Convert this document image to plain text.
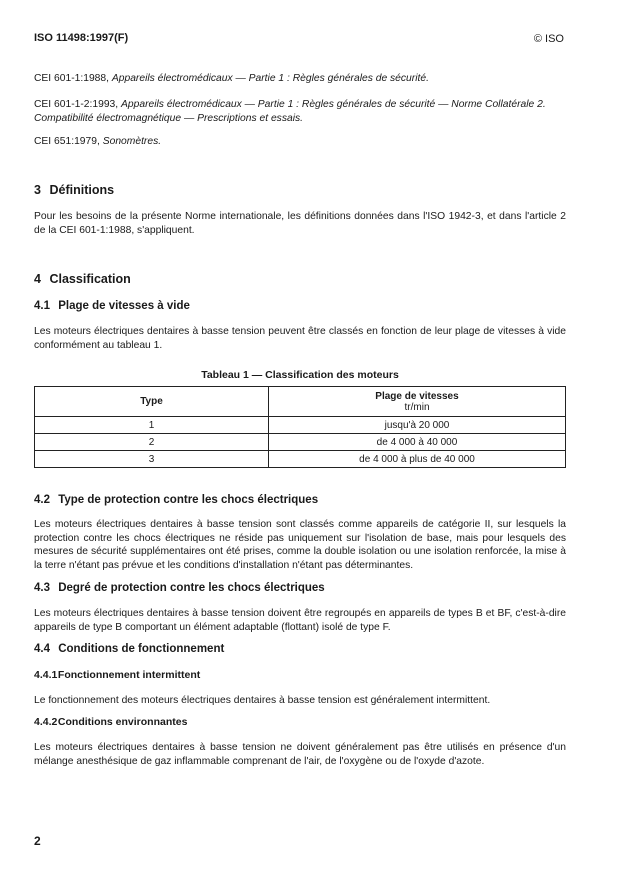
ISO 11498:1997(F)	© ISO
CEI 601-1:1988, Appareils électromédicaux — Partie 1 : Règles générales de sécurité.
CEI 601-1-2:1993, Appareils électromédicaux — Partie 1 : Règles générales de sécurité — Norme Collatérale 2. Compatibilité électromagnétique — Prescriptions et essais.
CEI 651:1979, Sonomètres.
3 Définitions
Pour les besoins de la présente Norme internationale, les définitions données dans l'ISO 1942-3, et dans l'article 2 de la CEI 601-1:1988, s'appliquent.
4 Classification
4.1 Plage de vitesses à vide
Les moteurs électriques dentaires à basse tension peuvent être classés en fonction de leur plage de vitesses à vide conformément au tableau 1.
Tableau 1 — Classification des moteurs
Type	Plage de vitesses
tr/min

1	jusqu'à 20 000
2	de 4 000 à 40 000
3	de 4 000 à plus de 40 000
4.2 Type de protection contre les chocs électriques
Les moteurs électriques dentaires à basse tension sont classés comme appareils de catégorie II, sur lesquels la protection contre les chocs électriques ne réside pas uniquement sur l'isolation de base, mais pour lesquels des mesures de sécurité supplémentaires ont été prises, comme la double isolation ou une isolation renforcée, la mise à la terre n'étant pas prévue et les conditions d'installation n'étant pas déterminantes.
4.3 Degré de protection contre les chocs électriques
Les moteurs électriques dentaires à basse tension doivent être regroupés en appareils de types B et BF, c'est-à-dire appareils de type B comportant un élément adaptable (flottant) isolé de type F.
4.4 Conditions de fonctionnement
4.4.1 Fonctionnement intermittent
Le fonctionnement des moteurs électriques dentaires à basse tension est généralement intermittent.
4.4.2 Conditions environnantes
Les moteurs électriques dentaires à basse tension ne doivent généralement pas être utilisés en présence d'un mélange anesthésique de gaz inflammable comprenant de l'air, de l'oxygène ou de l'oxyde d'azote.
2
